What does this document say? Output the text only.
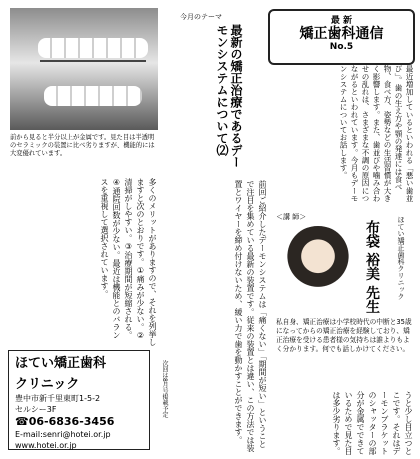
前から見ると半分以上が金属です。見た目は半透明のセラミックの装置に比べ劣りますが、機能的には大変優れています。
今月のテーマ
最新の矯正治療であるデーモンシステムについて⑵
最 新
矯正歯科通信
No.5
最近増加しているといわれる「悪い歯並び」。歯の生え方や顎の発達には食べ物、食べ方、姿勢などの生活習慣が大きく影響します。また、歯並びや噛み合わせの乱れは、さまざまな不調の原因につながるといわれています。今月もデーモンシステムについてお話します。
＜講 師＞	ほてい矯正歯科クリニック
布袋 裕美 先生
私自身、矯正治療は小学校時代の中断と35歳になってからの矯正治療を経験しており、矯正治療を受ける患者様の気持ちは誰よりもよく分かります。何でも話しかけてください。
前回ご紹介したデーモンシステムは「痛くない」「期間が短い」ということで注目を集めている最新の装置です。従来の装置とは違い、この方法では装置とワイヤーを締め付けないため、緩い力で歯を動かすことができます。	うと少し目立つとこです。それはデーモンブラケットのシャッターの部分が金属でできているためで見た目は多少劣ります。
多くのメリットがありますので、それを列挙しますと次のとおりです。①痛みが少ない。②清掃がしやすい。③治療期間が短縮される。④通院回数が少ない。最近は機能とのバランスを重視して選択されています。
次回は8月号掲載予定
ほてい矯正歯科
クリニック
豊中市新千里東町1-5-2
セルシー3F
☎06-6836-3456
E-mail:senri@hotei.or.jp
www.hotei.or.jp
